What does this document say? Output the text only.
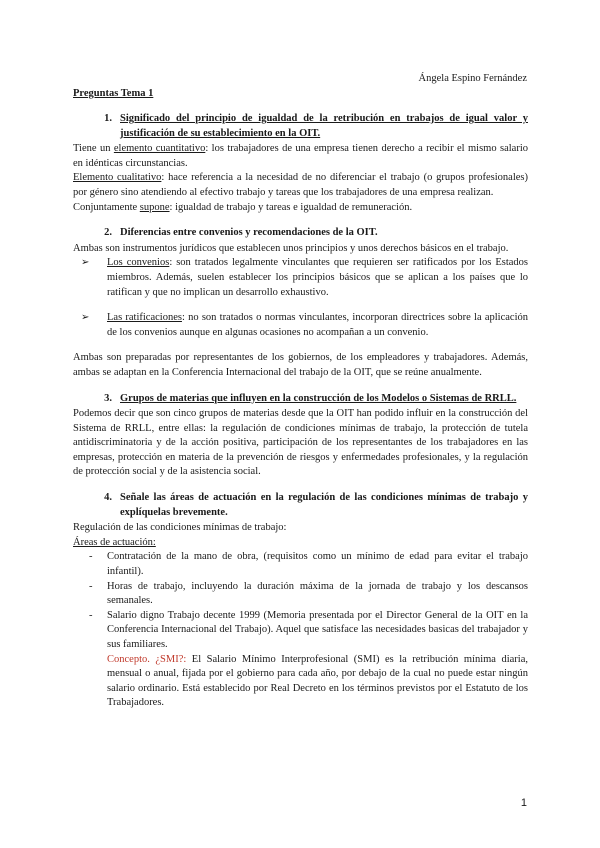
Ángela Espino Fernández
Preguntas Tema 1
1. Significado del principio de igualdad de la retribución en trabajos de igual valor y justificación de su establecimiento en la OIT.

Tiene un elemento cuantitativo: los trabajadores de una empresa tienen derecho a recibir el mismo salario en idénticas circunstancias.

Elemento cualitativo: hace referencia a la necesidad de no diferenciar el trabajo (o grupos profesionales) por género sino atendiendo al efectivo trabajo y tareas que los trabajadores de una empresa realizan.

Conjuntamente supone: igualdad de trabajo y tareas e igualdad de remuneración.

2. Diferencias entre convenios y recomendaciones de la OIT.

Ambas son instrumentos jurídicos que establecen unos principios y unos derechos básicos en el trabajo.

➢	Los convenios: son tratados legalmente vinculantes que requieren ser ratificados por los Estados miembros. Además, suelen establecer los principios básicos que se aplican a los países que lo ratifican y que no implican un desarrollo exhaustivo.
➢	Las ratificaciones: no son tratados o normas vinculantes, incorporan directrices sobre la aplicación de los convenios aunque en algunas ocasiones no acompañan a un convenio.

Ambas son preparadas por representantes de los gobiernos, de los empleadores y trabajadores. Además, ambas se adaptan en la Conferencia Internacional del trabajo de la OIT, que se reúne anualmente.

3. Grupos de materias que influyen en la construcción de los Modelos o Sistemas de RRLL.

Podemos decir que son cinco grupos de materias desde que la OIT han podido influir en la construcción del Sistema de RRLL, entre ellas: la regulación de condiciones mínimas de trabajo, la protección de tutela antidiscriminatoria y de la acción positiva, participación de los representantes de los trabajadores en las empresas, protección en materia de la prevención de riesgos y enfermedades profesionales, y la regulación de protección social y de la asistencia social.

4. Señale las áreas de actuación en la regulación de las condiciones mínimas de trabajo y explíquelas brevemente.

Regulación de las condiciones mínimas de trabajo:

Áreas de actuación:

-	Contratación de la mano de obra, (requisitos como un mínimo de edad para evitar el trabajo infantil).
-	Horas de trabajo, incluyendo la duración máxima de la jornada de trabajo y los descansos semanales.
-	Salario digno Trabajo decente 1999 (Memoria presentada por el Director General de la OIT en la Conferencia Internacional del Trabajo). Aquel que satisface las necesidades basicas del trabajador y sus familiares.

Concepto. ¿SMI?: El Salario Mínimo Interprofesional (SMI) es la retribución mínima diaria, mensual o anual, fijada por el gobierno para cada año, por debajo de la cual no puede estar ningún salario ordinario. Está establecido por Real Decreto en los términos previstos por el Estatuto de los Trabajadores.

1
